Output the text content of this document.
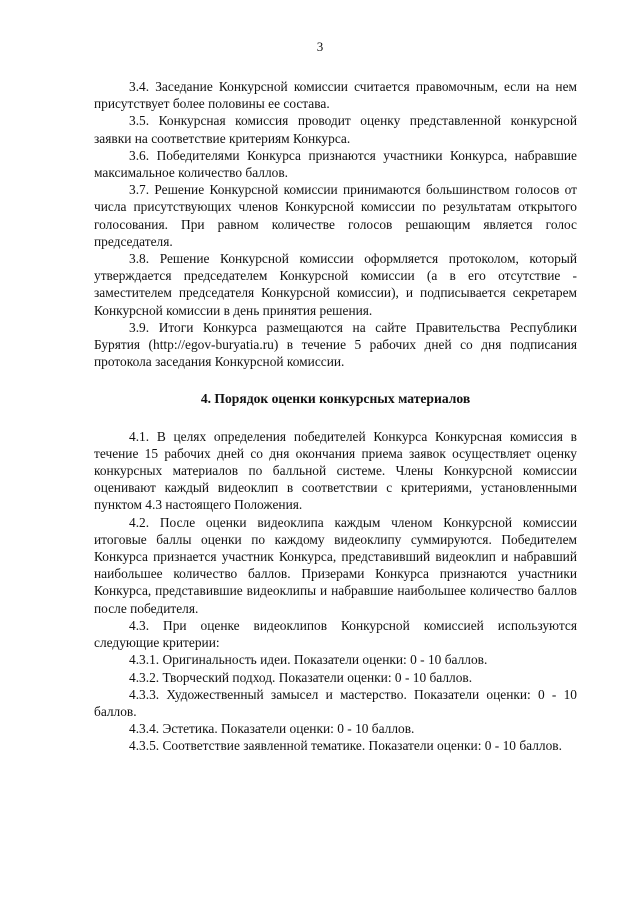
3

3.4. Заседание Конкурсной комиссии считается правомочным, если на нем присутствует более половины ее состава.

3.5. Конкурсная комиссия проводит оценку представленной конкурсной заявки на соответствие критериям Конкурса.

3.6. Победителями Конкурса признаются участники Конкурса, набравшие максимальное количество баллов.

3.7. Решение Конкурсной комиссии принимаются большинством голосов от числа присутствующих членов Конкурсной комиссии по результатам открытого голосования. При равном количестве голосов решающим является голос председателя.

3.8. Решение Конкурсной комиссии оформляется протоколом, который утверждается председателем Конкурсной комиссии (а в его отсутствие - заместителем председателя Конкурсной комиссии), и подписывается секретарем Конкурсной комиссии в день принятия решения.

3.9. Итоги Конкурса размещаются на сайте Правительства Республики Бурятия (http://egov-buryatia.ru) в течение 5 рабочих дней со дня подписания протокола заседания Конкурсной комиссии.

4. Порядок оценки конкурсных материалов

4.1. В целях определения победителей Конкурса Конкурсная комиссия в течение 15 рабочих дней со дня окончания приема заявок осуществляет оценку конкурсных материалов по балльной системе. Члены Конкурсной комиссии оценивают каждый видеоклип в соответствии с критериями, установленными пунктом 4.3 настоящего Положения.

4.2. После оценки видеоклипа каждым членом Конкурсной комиссии итоговые баллы оценки по каждому видеоклипу суммируются. Победителем Конкурса признается участник Конкурса, представивший видеоклип и набравший наибольшее количество баллов. Призерами Конкурса признаются участники Конкурса, представившие видеоклипы и набравшие наибольшее количество баллов после победителя.

4.3. При оценке видеоклипов Конкурсной комиссией используются следующие критерии:

4.3.1. Оригинальность идеи. Показатели оценки: 0 - 10 баллов.

4.3.2. Творческий подход. Показатели оценки: 0 - 10 баллов.

4.3.3. Художественный замысел и мастерство. Показатели оценки: 0 - 10 баллов.

4.3.4. Эстетика. Показатели оценки: 0 - 10 баллов.

4.3.5. Соответствие заявленной тематике. Показатели оценки: 0 - 10 баллов.
